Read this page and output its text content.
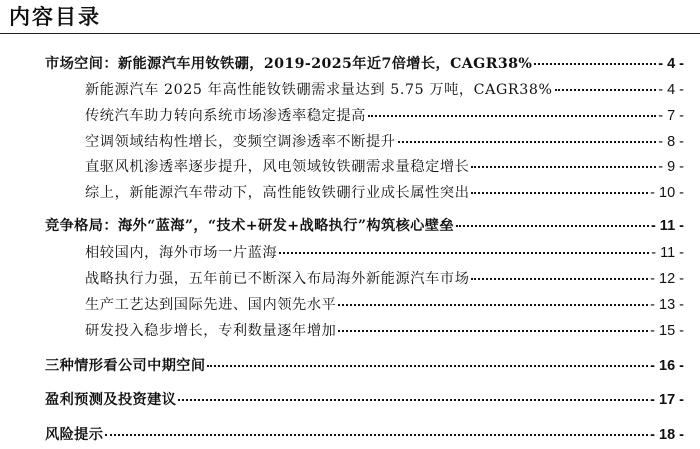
内容目录
市场空间：新能源汽车用钕铁硼，2019-2025年近7倍增长，CAGR38%	- 4 -
新能源汽车 2025 年高性能钕铁硼需求量达到 5.75 万吨，CAGR38%	- 4 -
传统汽车助力转向系统市场渗透率稳定提高	- 7 -
空调领域结构性增长，变频空调渗透率不断提升	- 8 -
直驱风机渗透率逐步提升，风电领域钕铁硼需求量稳定增长	- 9 -
综上，新能源汽车带动下，高性能钕铁硼行业成长属性突出	- 10 -
竞争格局：海外“蓝海”，“技术+研发+战略执行”构筑核心壁垒	- 11 -
相较国内，海外市场一片蓝海	- 11 -
战略执行力强，五年前已不断深入布局海外新能源汽车市场	- 12 -
生产工艺达到国际先进、国内领先水平	- 13 -
研发投入稳步增长，专利数量逐年增加	- 15 -
三种情形看公司中期空间	- 16 -
盈利预测及投资建议	- 17 -
风险提示	- 18 -
